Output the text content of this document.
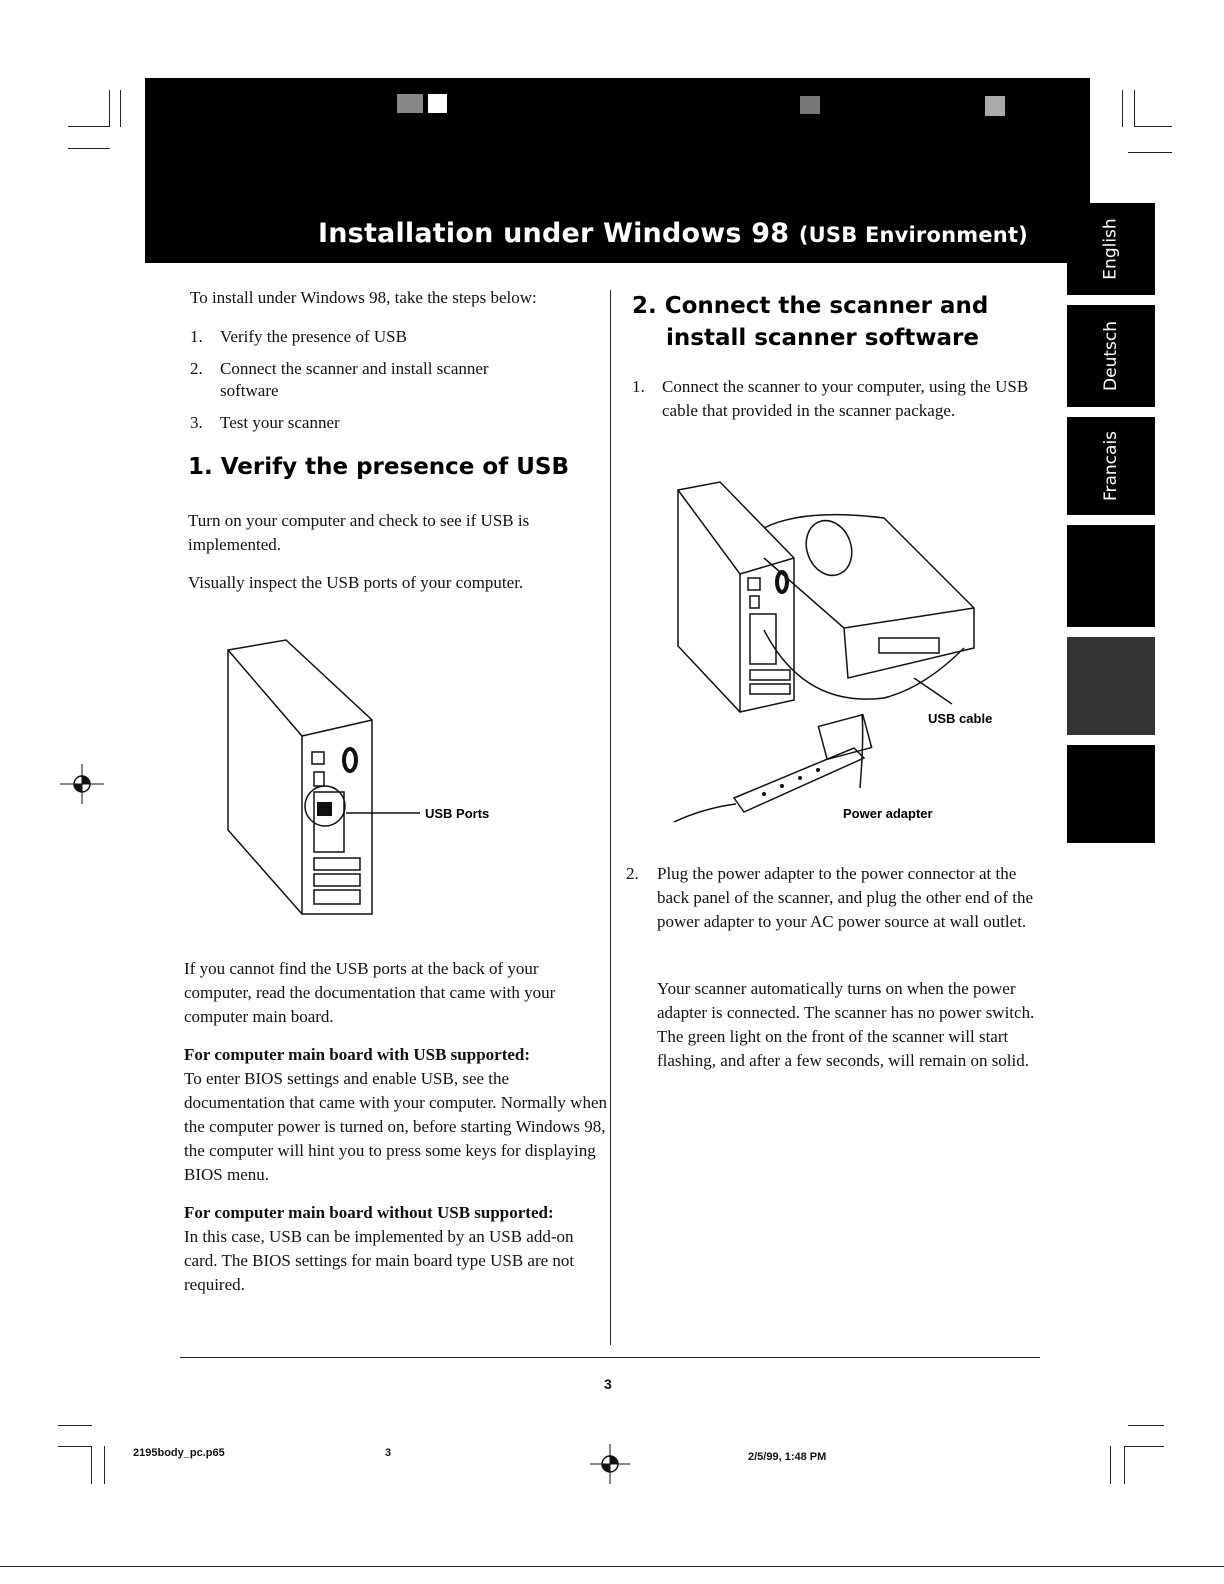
Installation under Windows 98 (USB Environment)	English
Deutsch
Francais
To install under Windows 98, take the steps below:
1. Verify the presence of USB
2. Connect the scanner and install scanner software
3. Test your scanner
1. Verify the presence of USB
Turn on your computer and check to see if USB is implemented.
Visually inspect the USB ports of your computer.
USB Ports
If you cannot find the USB ports at the back of your computer, read the documentation that came with your computer main board.
For computer main board with USB supported:
To enter BIOS settings and enable USB, see the documentation that came with your computer. Normally when the computer power is turned on, before starting Windows 98, the computer will hint you to press some keys for displaying BIOS menu.
For computer main board without USB supported:
In this case, USB can be implemented by an USB add-on card. The BIOS settings for main board type USB are not required.
2. Connect the scanner and
install scanner software
1.	Connect the scanner to your computer, using the USB cable that provided in the scanner package.
USB cable
Power adapter
2.	Plug the power adapter to the power connector at the back panel of the scanner, and plug the other end of the power adapter to your AC power source at wall outlet.
Your scanner automatically turns on when the power adapter is connected. The scanner has no power switch. The green light on the front of the scanner will start flashing, and after a few seconds, will remain on solid.
3
2195body_pc.p65	3	2/5/99, 1:48 PM
